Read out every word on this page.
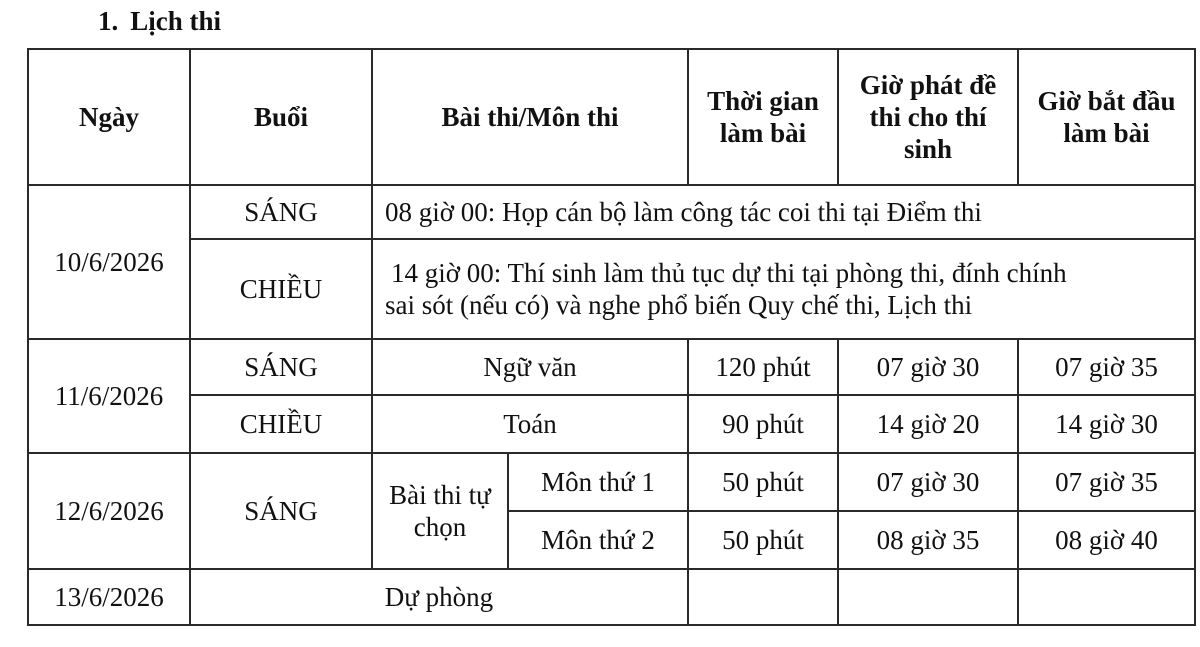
1. Lịch thi
Ngày	Buổi	Bài thi/Môn thi		Thời gian làm bài	Giờ phát đề thi cho thí sinh	Giờ bắt đầu làm bài
10/6/2026	SÁNG	08 giờ 00: Họp cán bộ làm công tác coi thi tại Điểm thi				
	CHIỀU	14 giờ 00: Thí sinh làm thủ tục dự thi tại phòng thi, đính chính
sai sót (nếu có) và nghe phổ biến Quy chế thi, Lịch thi				

11/6/2026	SÁNG	Ngữ văn		120 phút	07 giờ 30	07 giờ 35
	CHIỀU	Toán		90 phút	14 giờ 20	14 giờ 30
12/6/2026	SÁNG	Bài thi tự chọn	Môn thứ 1	50 phút	07 giờ 30	07 giờ 35
			Môn thứ 2	50 phút	08 giờ 35	08 giờ 40
13/6/2026	Dự phòng					
